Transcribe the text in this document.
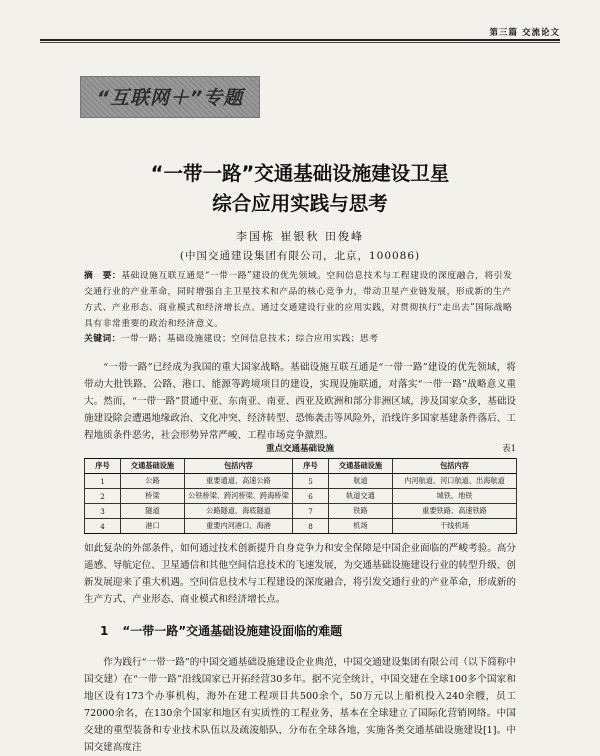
第三篇 交流论文
“互联网＋”专题
“一带一路”交通基础设施建设卫星
综合应用实践与思考
李国栋 崔银秋 田俊峰
(中国交通建设集团有限公司，北京，100086)
摘　要：基础设施互联互通是“一带一路”建设的优先领域。空间信息技术与工程建设的深度融合，将引发交通行业的产业革命，同时增强自主卫星技术和产品的核心竞争力，带动卫星产业链发展，形成新的生产方式、产业形态、商业模式和经济增长点。通过交通建设行业的应用实践，对贯彻执行“走出去”国际战略具有非常重要的政治和经济意义。
关键词：一带一路；基础设施建设；空间信息技术；综合应用实践；思考
“一带一路”已经成为我国的重大国家战略。基础设施互联互通是“一带一路”建设的优先领域，将带动大批铁路、公路、港口、能源等跨境项目的建设，实现设施联通，对落实“一带一路”战略意义重大。然而，“一带一路”贯通中亚、东南亚、南亚、西亚及欧洲和部分非洲区域，涉及国家众多，基础设施建设除会遭遇地缘政治、文化冲突、经济转型、恐怖袭击等风险外，沿线许多国家基建条件落后、工程地质条件恶劣，社会形势异常严峻、工程市场竞争激烈。
重点交通基础设施	表1
序号	交通基础设施	包括内容	序号	交通基础设施	包括内容
1	公路	重要通道、高速公路	5	航道	内河航道、河口航道、出海航道
2	桥梁	公铁桥梁、跨河桥梁、跨海桥梁	6	轨道交通	城铁、地铁
3	隧道	公路隧道、海底隧道	7	铁路	重要铁路、高速铁路
4	港口	重要内河港口、海港	8	机场	干线机场
如此复杂的外部条件，如何通过技术创新提升自身竞争力和安全保障是中国企业面临的严峻考验。高分遥感、导航定位、卫星通信和其他空间信息技术的飞速发展，为交通基础设施建设行业的转型升级、创新发展迎来了重大机遇。空间信息技术与工程建设的深度融合，将引发交通行业的产业革命，形成新的生产方式、产业形态、商业模式和经济增长点。
1 “一带一路”交通基础设施建设面临的难题
作为践行“一带一路”的中国交通基础设施建设企业典范，中国交通建设集团有限公司（以下简称中国交建）在“一带一路”沿线国家已开拓经营30多年。据不完全统计，中国交建在全球100多个国家和地区设有173个办事机构，海外在建工程项目共500余个，50万元以上船机投入240余艘，员工72000余名，在130余个国家和地区有实质性的工程业务，基本在全球建立了国际化营销网络。中国交建的重型装备和专业技术队伍以及疏浚船队，分布在全球各地，实施各类交通基础设施建设[1]。中国交建高度注
